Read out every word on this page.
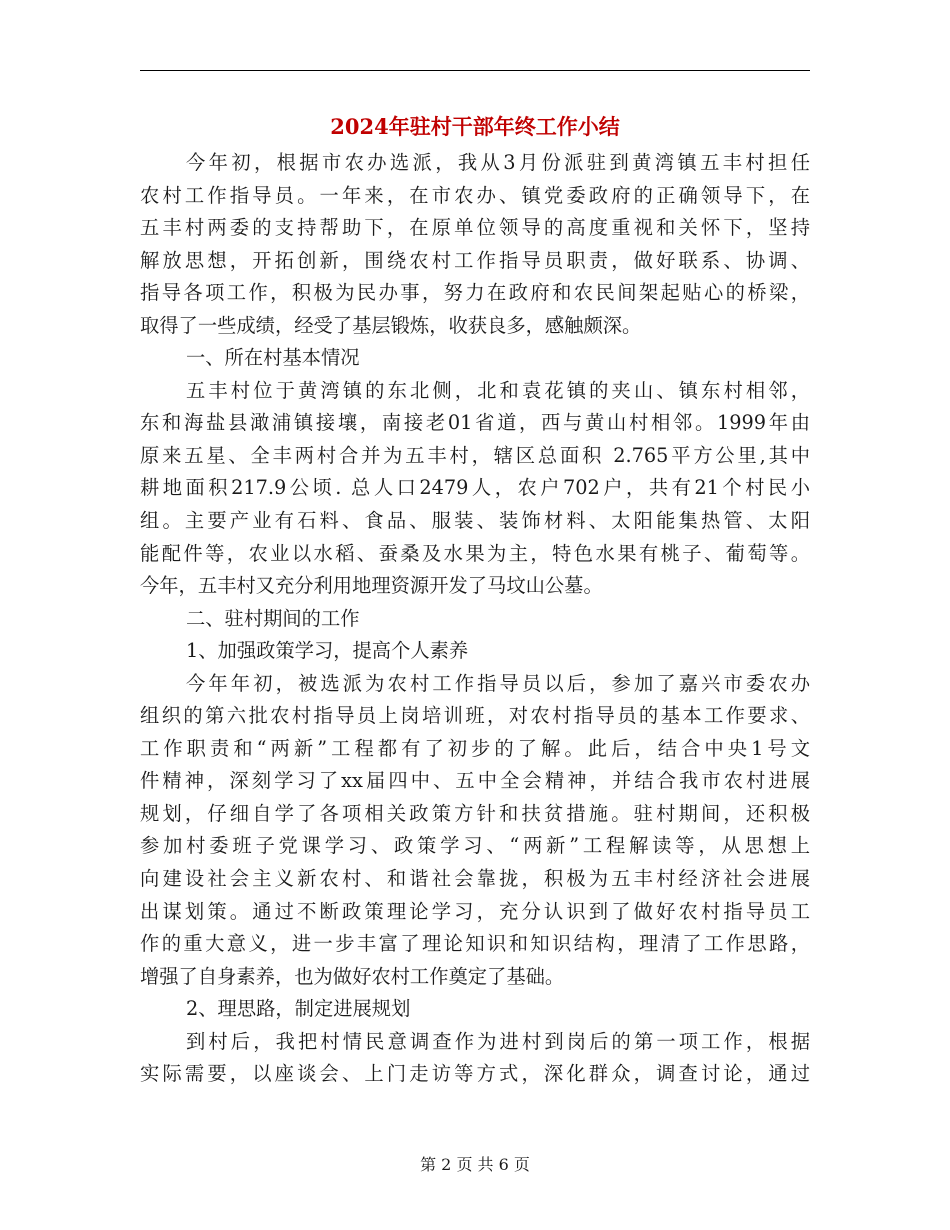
2024年驻村干部年终工作小结
今年初，根据市农办选派，我从3月份派驻到黄湾镇五丰村担任
农村工作指导员。一年来，在市农办、镇党委政府的正确领导下，在
五丰村两委的支持帮助下，在原单位领导的高度重视和关怀下，坚持
解放思想，开拓创新，围绕农村工作指导员职责，做好联系、协调、
指导各项工作，积极为民办事，努力在政府和农民间架起贴心的桥梁，
取得了一些成绩，经受了基层锻炼，收获良多，感触颇深。
一、所在村基本情况
五丰村位于黄湾镇的东北侧，北和袁花镇的夹山、镇东村相邻，
东和海盐县澉浦镇接壤，南接老01省道，西与黄山村相邻。1999年由
原来五星、全丰两村合并为五丰村，辖区总面积 2.765平方公里,其中
耕地面积217.9公顷. 总人口2479人，农户702户，共有21个村民小
组。主要产业有石料、食品、服装、装饰材料、太阳能集热管、太阳
能配件等，农业以水稻、蚕桑及水果为主，特色水果有桃子、葡萄等。
今年，五丰村又充分利用地理资源开发了马坟山公墓。
二、驻村期间的工作
1、加强政策学习，提高个人素养
今年年初，被选派为农村工作指导员以后，参加了嘉兴市委农办
组织的第六批农村指导员上岗培训班，对农村指导员的基本工作要求、
工作职责和“两新”工程都有了初步的了解。此后，结合中央1号文
件精神，深刻学习了xx届四中、五中全会精神，并结合我市农村进展
规划，仔细自学了各项相关政策方针和扶贫措施。驻村期间，还积极
参加村委班子党课学习、政策学习、“两新”工程解读等，从思想上
向建设社会主义新农村、和谐社会靠拢，积极为五丰村经济社会进展
出谋划策。通过不断政策理论学习，充分认识到了做好农村指导员工
作的重大意义，进一步丰富了理论知识和知识结构，理清了工作思路，
增强了自身素养，也为做好农村工作奠定了基础。
2、理思路，制定进展规划
到村后，我把村情民意调查作为进村到岗后的第一项工作，根据
实际需要，以座谈会、上门走访等方式，深化群众，调查讨论，通过
第 2 页 共 6 页
